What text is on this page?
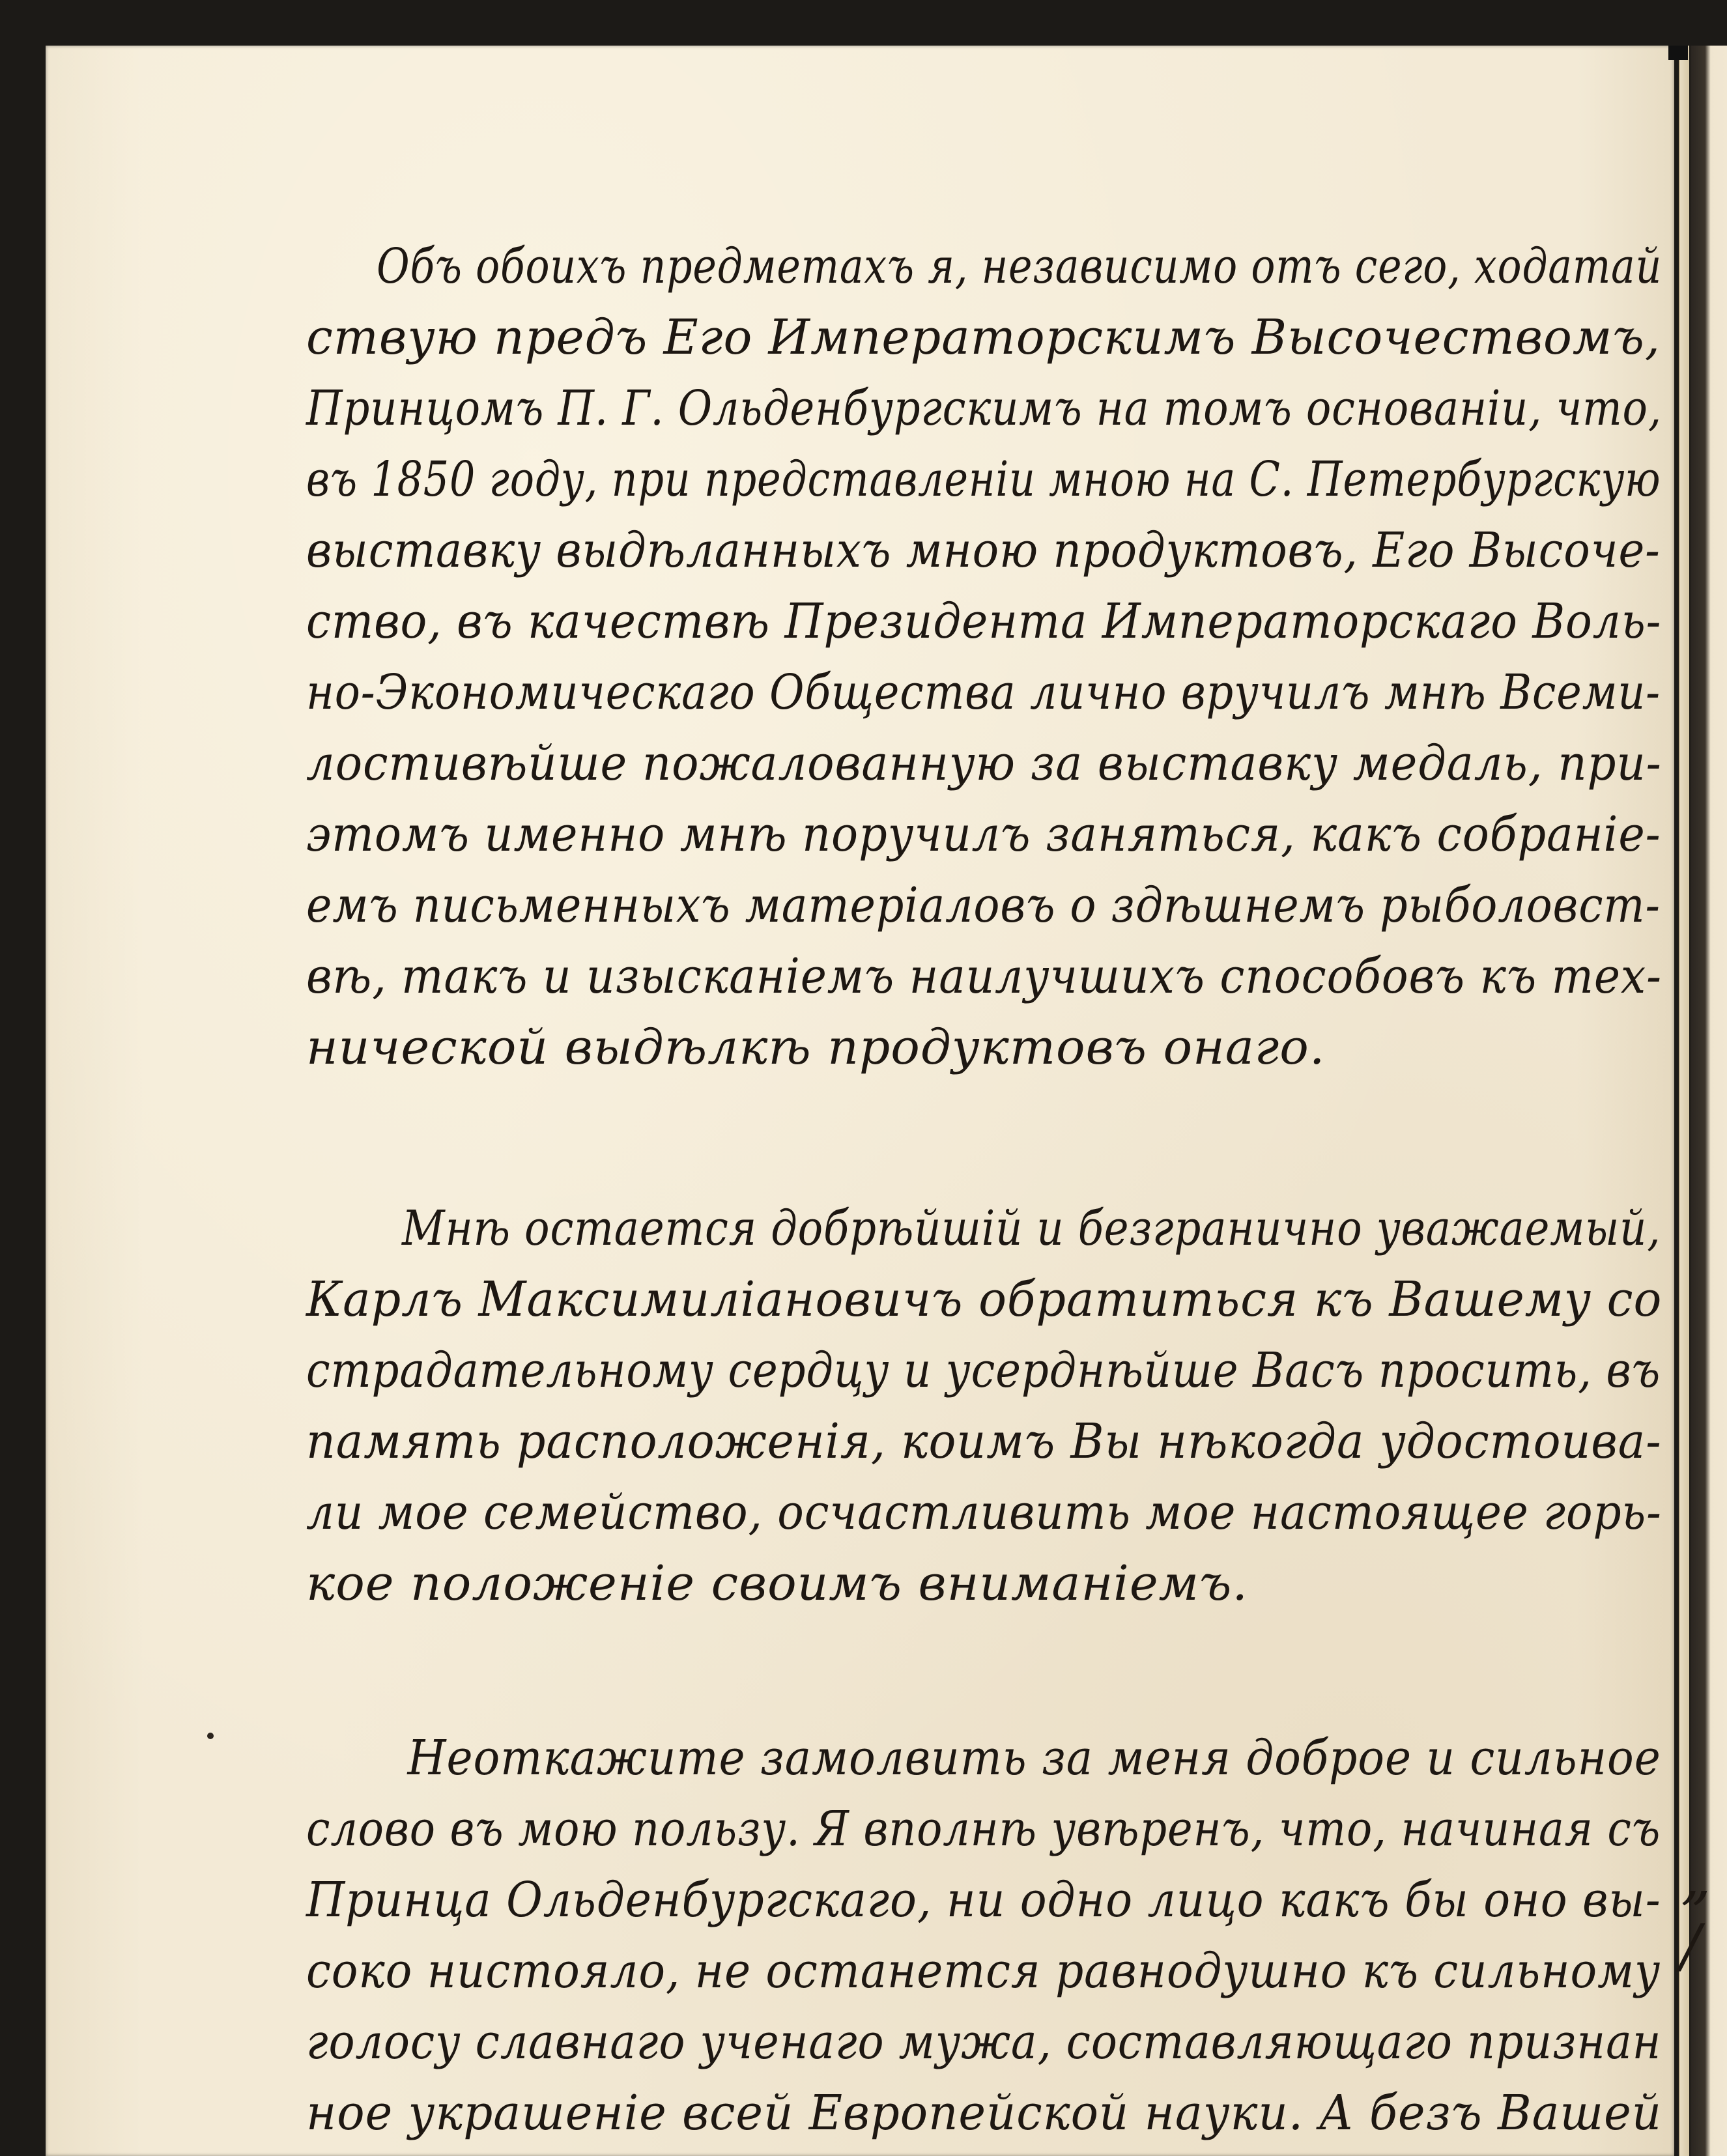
Объ обоихъ предметахъ я, независимо отъ сего, ходатай
ствую предъ Его Императорскимъ Высочествомъ,
Принцомъ П. Г. Ольденбургскимъ на томъ основаніи, что,
въ 1850 году, при представленіи мною на С. Петербургскую
выставку выдѣланныхъ мною продуктовъ, Его Высоче-
ство, въ качествѣ Президента Императорскаго Воль-
но-Экономическаго Общества лично вручилъ мнѣ Всеми-
лостивѣйше пожалованную за выставку медаль, при-
этомъ именно мнѣ поручилъ заняться, какъ собраніе-
емъ письменныхъ матеріаловъ о здѣшнемъ рыболовст-
вѣ, такъ и изысканіемъ наилучшихъ способовъ къ тех-
нической выдѣлкѣ продуктовъ онаго.
Мнѣ остается добрѣйшій и безгранично уважаемый,
Карлъ Максимиліановичъ обратиться къ Вашему со
страдательному сердцу и усерднѣйше Васъ просить, въ
память расположенія, коимъ Вы нѣкогда удостоива-
ли мое семейство, осчастливить мое настоящее горь-
кое положеніе своимъ вниманіемъ.
Неоткажите замолвить за меня доброе и сильное
слово въ мою пользу. Я вполнѣ увѣренъ, что, начиная съ
Принца Ольденбургскаго, ни одно лицо какъ бы оно вы-
соко нистояло, не останется равнодушно къ сильному
голосу славнаго ученаго мужа, составляющаго признан
ное украшеніе всей Европейской науки. А безъ Вашей
„ /
